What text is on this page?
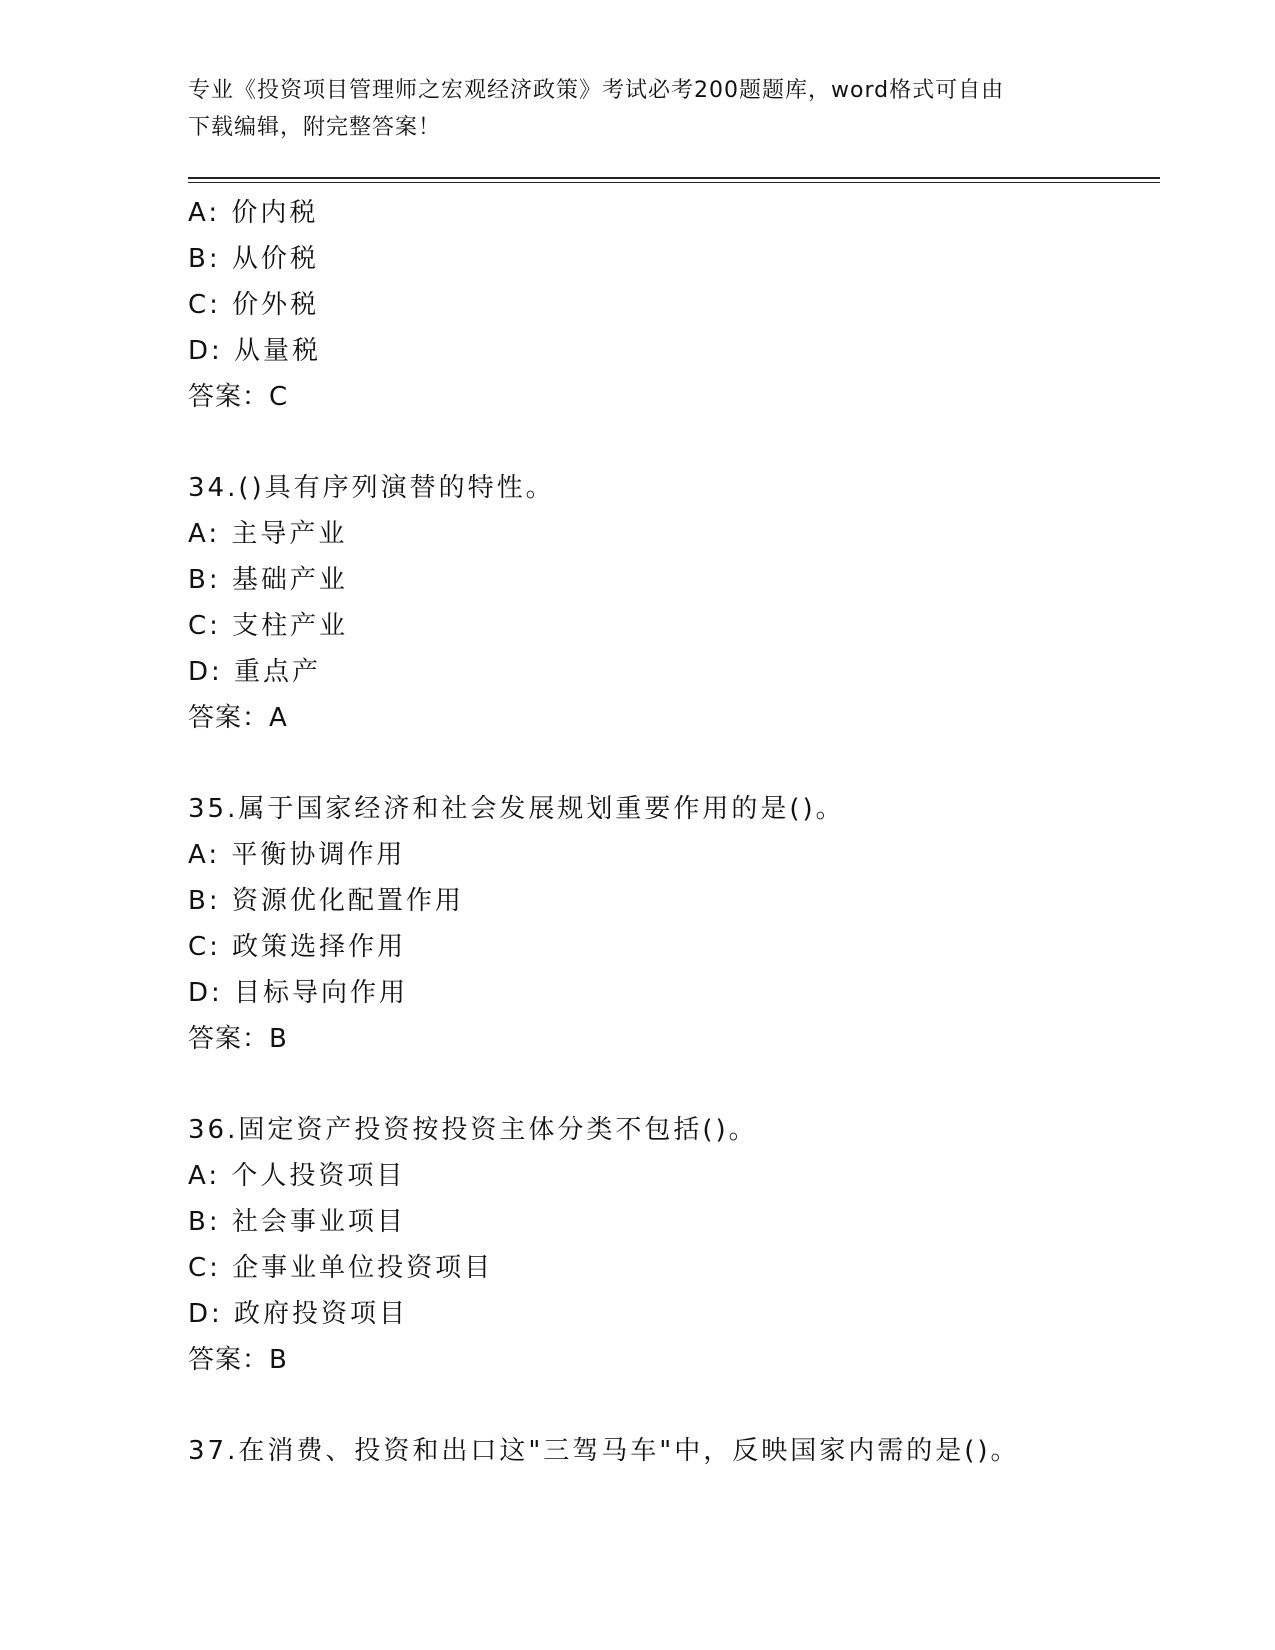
专业《投资项目管理师之宏观经济政策》考试必考200题题库，word格式可自由
下载编辑，附完整答案！
A: 价内税
B: 从价税
C: 价外税
D: 从量税
答案：C
34.()具有序列演替的特性。
A: 主导产业
B: 基础产业
C: 支柱产业
D: 重点产
答案：A
35.属于国家经济和社会发展规划重要作用的是()。
A: 平衡协调作用
B: 资源优化配置作用
C: 政策选择作用
D: 目标导向作用
答案：B
36.固定资产投资按投资主体分类不包括()。
A: 个人投资项目
B: 社会事业项目
C: 企事业单位投资项目
D: 政府投资项目
答案：B
37.在消费、投资和出口这"三驾马车"中，反映国家内需的是()。
